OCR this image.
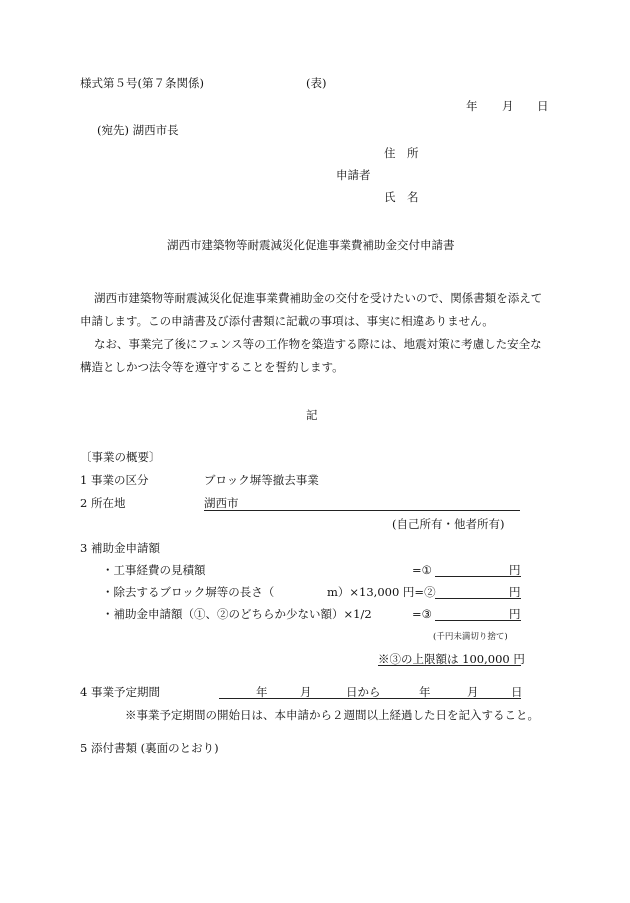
様式第５号(第７条関係)	(表)
年 月 日
(宛先) 湖西市長
住　所
申請者
氏　名
湖西市建築物等耐震減災化促進事業費補助金交付申請書
湖西市建築物等耐震減災化促進事業費補助金の交付を受けたいので、関係書類を添えて
申請します。この申請書及び添付書類に記載の事項は、事実に相違ありません。
なお、事業完了後にフェンス等の工作物を築造する際には、地震対策に考慮した安全な
構造としかつ法令等を遵守することを誓約します。
記
〔事業の概要〕
1 事業の区分	ブロック塀等撤去事業
2 所在地	湖西市
(自己所有・他者所有)
3 補助金申請額
・工事経費の見積額	=①	円
・除去するブロック塀等の長さ（	m）×13,000 円=②	円
・補助金申請額（①、②のどちらか少ない額）×1/2	=③	円
(千円未満切り捨て)
※③の上限額は 100,000 円
4 事業予定期間	年	月	日から	年	月	日
※事業予定期間の開始日は、本申請から２週間以上経過した日を記入すること。
5 添付書類 (裏面のとおり)
